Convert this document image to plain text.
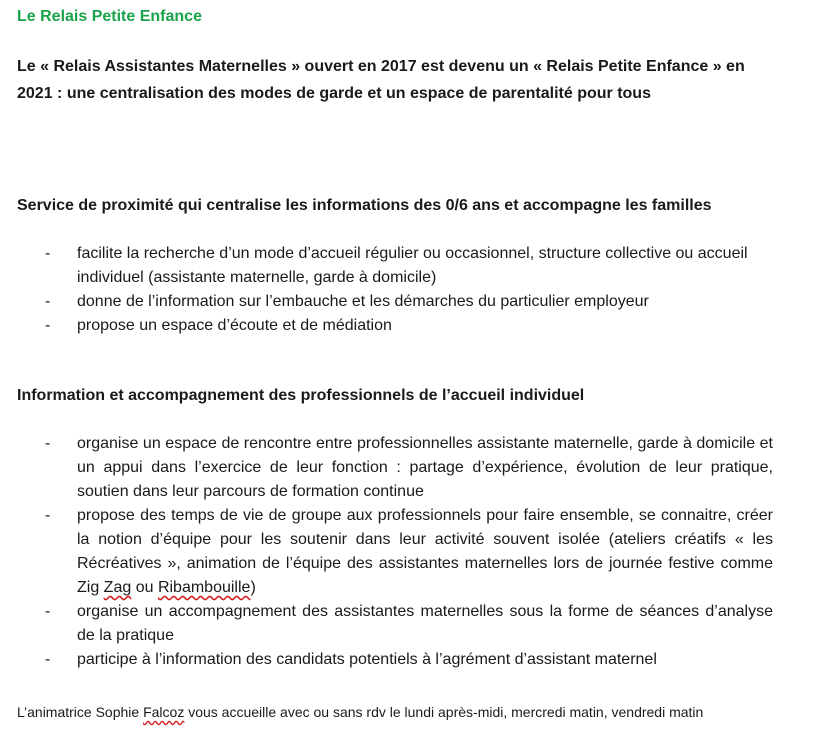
Le Relais Petite Enfance

Le « Relais Assistantes Maternelles » ouvert en 2017 est devenu un « Relais Petite Enfance » en 2021 : une centralisation des modes de garde et un espace de parentalité pour tous

Service de proximité qui centralise les informations des 0/6 ans et accompagne les familles

- facilite la recherche d’un mode d’accueil régulier ou occasionnel, structure collective ou accueil individuel (assistante maternelle, garde à domicile)
- donne de l’information sur l’embauche et les démarches du particulier employeur
- propose un espace d’écoute et de médiation

Information et accompagnement des professionnels de l’accueil individuel

- organise un espace de rencontre entre professionnelles assistante maternelle, garde à domicile et un appui dans l’exercice de leur fonction : partage d’expérience, évolution de leur pratique, soutien dans leur parcours de formation continue
- propose des temps de vie de groupe aux professionnels pour faire ensemble, se connaitre, créer la notion d’équipe pour les soutenir dans leur activité souvent isolée (ateliers créatifs « les Récréatives », animation de l’équipe des assistantes maternelles lors de journée festive comme Zig Zag ou Ribambouille)
- organise un accompagnement des assistantes maternelles sous la forme de séances d’analyse de la pratique
- participe à l’information des candidats potentiels à l’agrément d’assistant maternel

L’animatrice Sophie Falcoz vous accueille avec ou sans rdv le lundi après-midi, mercredi matin, vendredi matin
